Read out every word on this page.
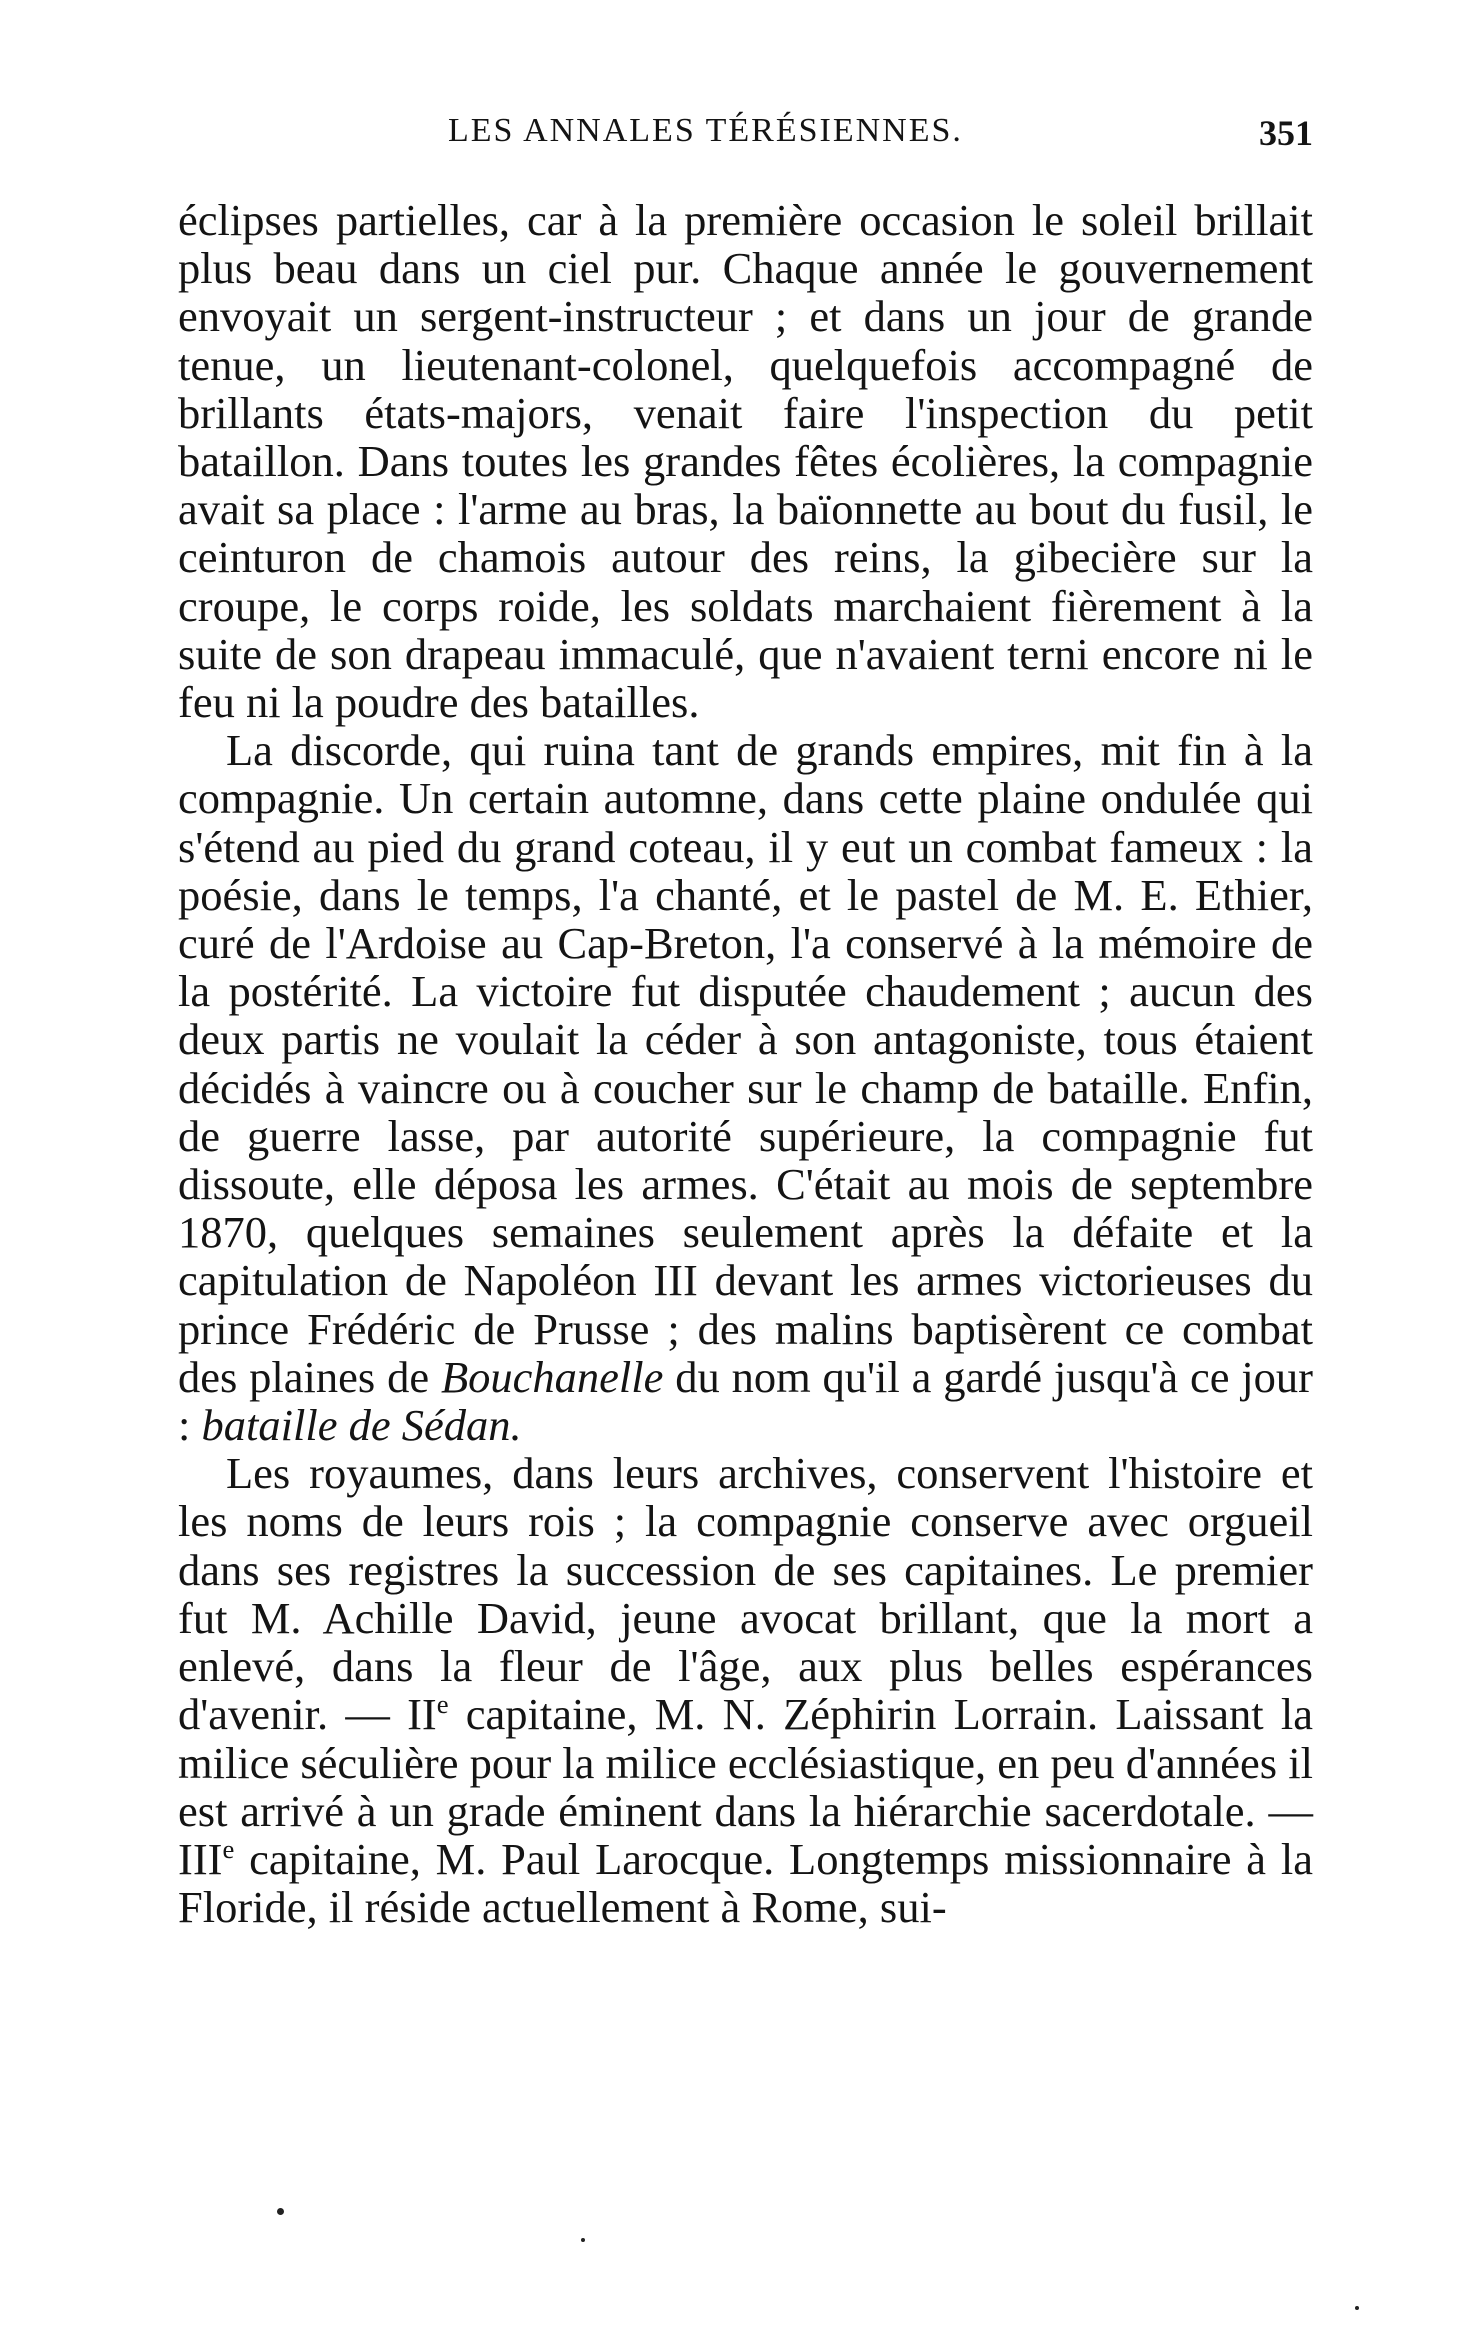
LES ANNALES TÉRÉSIENNES.	351

éclipses partielles, car à la première occasion le soleil brillait plus beau dans un ciel pur. Chaque année le gouvernement envoyait un sergent-instructeur ; et dans un jour de grande tenue, un lieutenant-colonel, quelquefois accompagné de brillants états-majors, venait faire l'inspection du petit bataillon. Dans toutes les grandes fêtes écolières, la compagnie avait sa place : l'arme au bras, la baïonnette au bout du fusil, le ceinturon de chamois autour des reins, la gibecière sur la croupe, le corps roide, les soldats marchaient fièrement à la suite de son drapeau immaculé, que n'avaient terni encore ni le feu ni la poudre des batailles.

La discorde, qui ruina tant de grands empires, mit fin à la compagnie. Un certain automne, dans cette plaine ondulée qui s'étend au pied du grand coteau, il y eut un combat fameux : la poésie, dans le temps, l'a chanté, et le pastel de M. E. Ethier, curé de l'Ardoise au Cap-Breton, l'a conservé à la mémoire de la postérité. La victoire fut disputée chaudement ; aucun des deux partis ne voulait la céder à son antagoniste, tous étaient décidés à vaincre ou à coucher sur le champ de bataille. Enfin, de guerre lasse, par autorité supérieure, la compagnie fut dissoute, elle déposa les armes. C'était au mois de septembre 1870, quelques semaines seulement après la défaite et la capitulation de Napoléon III devant les armes victorieuses du prince Frédéric de Prusse ; des malins baptisèrent ce combat des plaines de Bouchanelle du nom qu'il a gardé jusqu'à ce jour : bataille de Sédan.

Les royaumes, dans leurs archives, conservent l'histoire et les noms de leurs rois ; la compagnie conserve avec orgueil dans ses registres la succession de ses capitaines. Le premier fut M. Achille David, jeune avocat brillant, que la mort a enlevé, dans la fleur de l'âge, aux plus belles espérances d'avenir. — IIe capitaine, M. N. Zéphirin Lorrain. Laissant la milice séculière pour la milice ecclésiastique, en peu d'années il est arrivé à un grade éminent dans la hiérarchie sacerdotale. — IIIe capitaine, M. Paul Larocque. Longtemps missionnaire à la Floride, il réside actuellement à Rome, sui-
